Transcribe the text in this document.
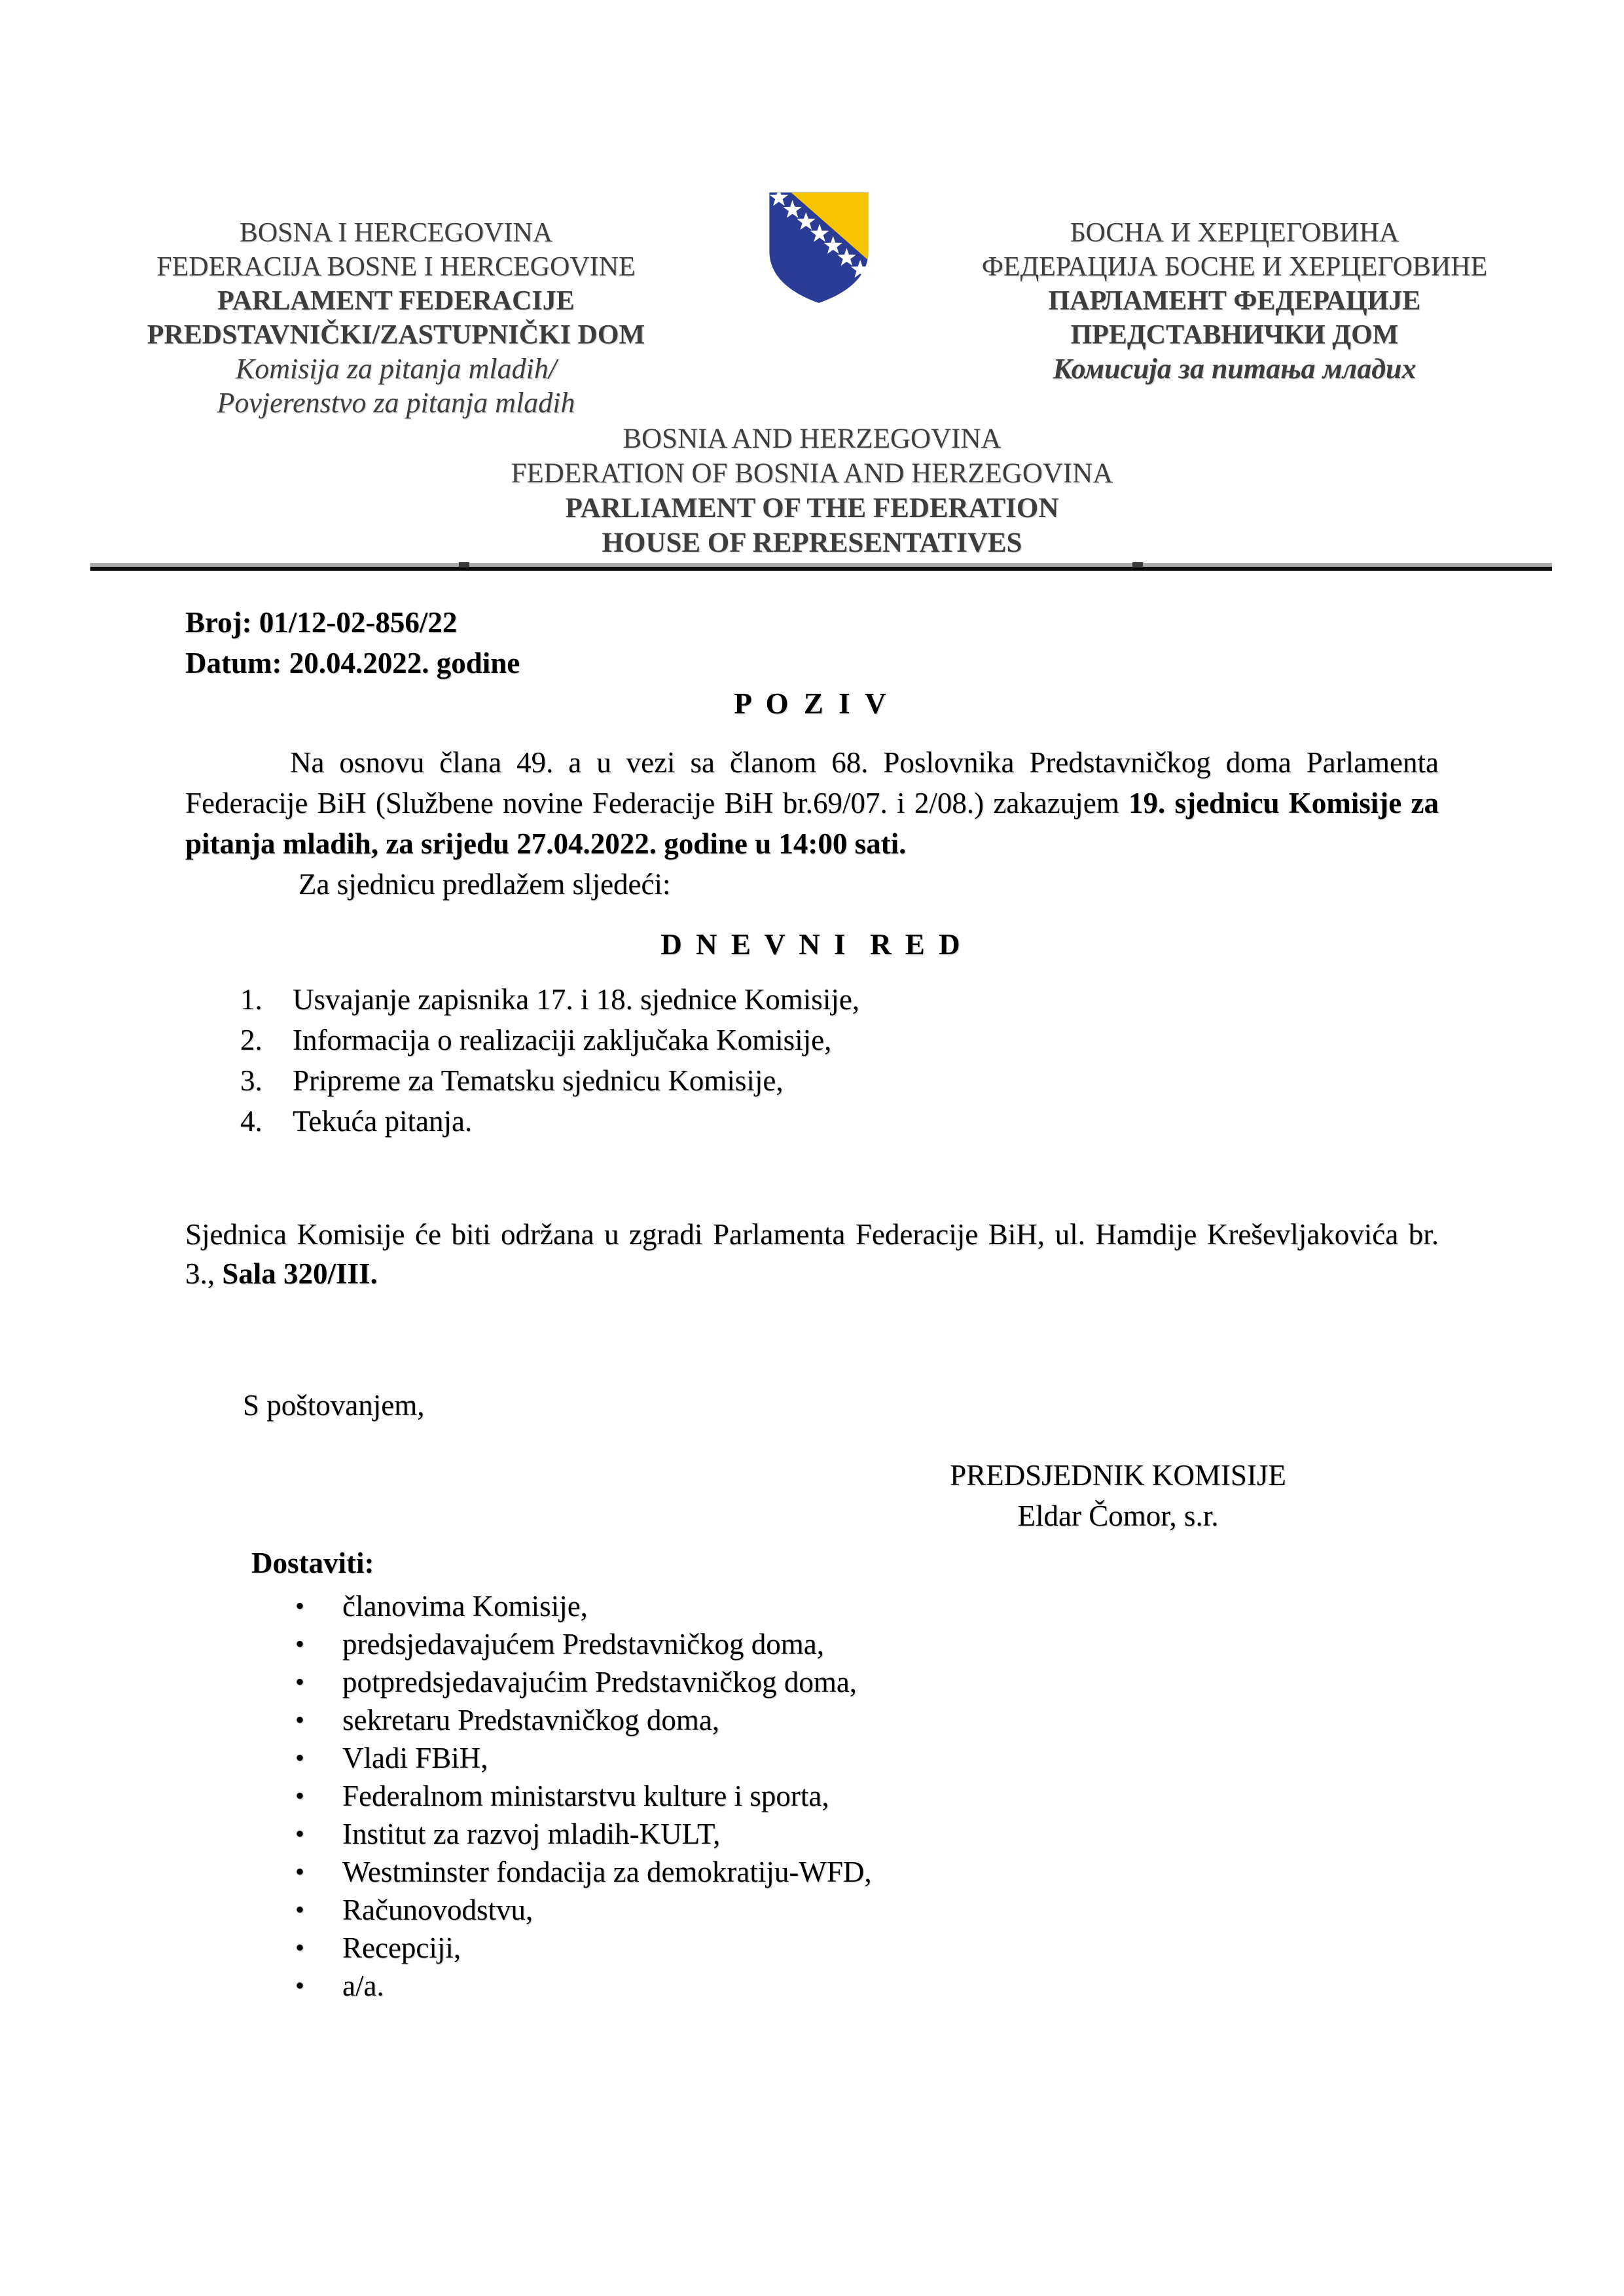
BOSNA I HERCEGOVINA
FEDERACIJA BOSNE I HERCEGOVINE
PARLAMENT FEDERACIJE
PREDSTAVNIČKI/ZASTUPNIČKI DOM
Komisija za pitanja mladih/
Povjerenstvo za pitanja mladih
БОСНА И ХЕРЦЕГОВИНА
ФЕДЕРАЦИЈА БОСНЕ И ХЕРЦЕГОВИНЕ
ПАРЛАМЕНТ ФЕДЕРАЦИЈЕ
ПРЕДСТАВНИЧКИ ДОМ
Комисија за питања младих
BOSNIA AND HERZEGOVINA
FEDERATION OF BOSNIA AND HERZEGOVINA
PARLIAMENT OF THE FEDERATION
HOUSE OF REPRESENTATIVES
Broj: 01/12-02-856/22
Datum: 20.04.2022. godine
P O Z I V

Na osnovu člana 49. a u vezi sa članom 68. Poslovnika Predstavničkog doma Parlamenta Federacije BiH (Službene novine Federacije BiH br.69/07. i 2/08.) zakazujem 19. sjednicu Komisije za pitanja mladih, za srijedu 27.04.2022. godine u 14:00 sati.

Za sjednicu predlažem sljedeći:
D N E V N I  R E D
1.	Usvajanje zapisnika 17. i 18. sjednice Komisije,
2.	Informacija o realizaciji zaključaka Komisije,
3.	Pripreme za Tematsku sjednicu Komisije,
4.	Tekuća pitanja.

Sjednica Komisije će biti održana u zgradi Parlamenta Federacije BiH, ul. Hamdije Kreševljakovića br. 3., Sala 320/III.

S poštovanjem,
PREDSJEDNIK KOMISIJE
Eldar Čomor, s.r.
Dostaviti:
•	članovima Komisije,
•	predsjedavajućem Predstavničkog doma,
•	potpredsjedavajućim Predstavničkog doma,
•	sekretaru Predstavničkog doma,
•	Vladi FBiH,
•	Federalnom ministarstvu kulture i sporta,
•	Institut za razvoj mladih-KULT,
•	Westminster fondacija za demokratiju-WFD,
•	Računovodstvu,
•	Recepciji,
•	a/a.
